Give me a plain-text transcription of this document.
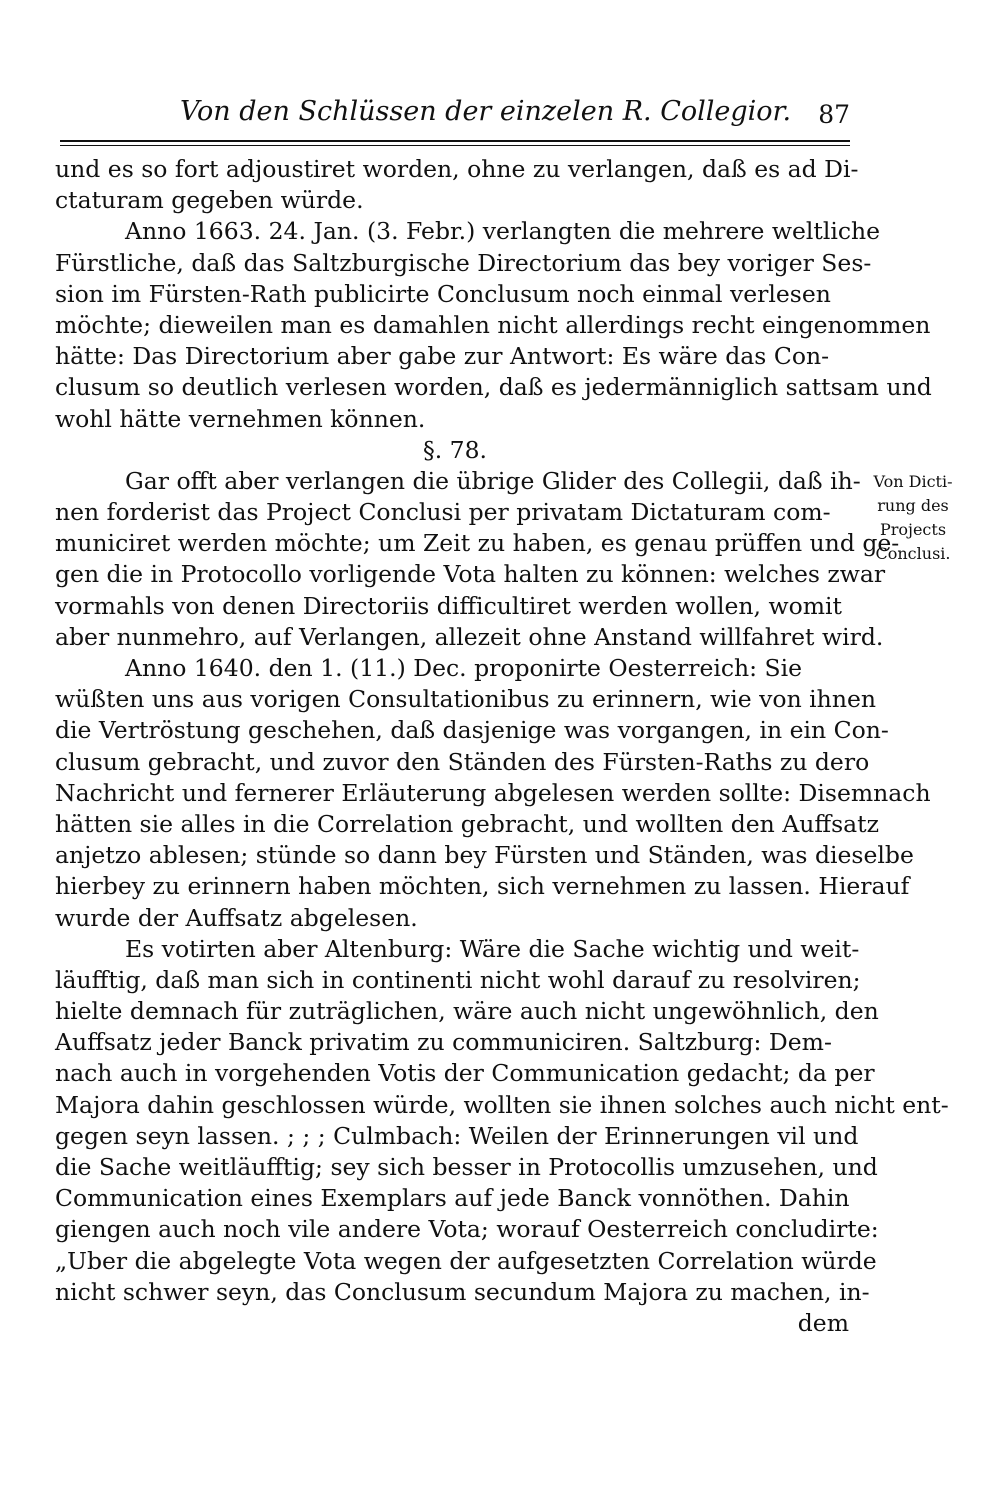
Von den Schlüssen der einzelen R. Collegior. 87
und es so fort adjoustiret worden, ohne zu verlangen, daß es ad Di-
ctaturam gegeben würde.
Anno 1663. 24. Jan. (3. Febr.) verlangten die mehrere weltliche
Fürstliche, daß das Saltzburgische Directorium das bey voriger Ses-
sion im Fürsten-Rath publicirte Conclusum noch einmal verlesen
möchte; dieweilen man es damahlen nicht allerdings recht eingenommen
hätte: Das Directorium aber gabe zur Antwort: Es wäre das Con-
clusum so deutlich verlesen worden, daß es jedermänniglich sattsam und
wohl hätte vernehmen können.
§. 78.
Gar offt aber verlangen die übrige Glider des Collegii, daß ih-
nen forderist das Project Conclusi per privatam Dictaturam com-
municiret werden möchte; um Zeit zu haben, es genau prüffen und ge-
gen die in Protocollo vorligende Vota halten zu können: welches zwar
vormahls von denen Directoriis difficultiret werden wollen, womit
aber nunmehro, auf Verlangen, allezeit ohne Anstand willfahret wird.
Anno 1640. den 1. (11.) Dec. proponirte Oesterreich: Sie
wüßten uns aus vorigen Consultationibus zu erinnern, wie von ihnen
die Vertröstung geschehen, daß dasjenige was vorgangen, in ein Con-
clusum gebracht, und zuvor den Ständen des Fürsten-Raths zu dero
Nachricht und fernerer Erläuterung abgelesen werden sollte: Disemnach
hätten sie alles in die Correlation gebracht, und wollten den Auffsatz
anjetzo ablesen; stünde so dann bey Fürsten und Ständen, was dieselbe
hierbey zu erinnern haben möchten, sich vernehmen zu lassen. Hierauf
wurde der Auffsatz abgelesen.
Es votirten aber Altenburg: Wäre die Sache wichtig und weit-
läufftig, daß man sich in continenti nicht wohl darauf zu resolviren;
hielte demnach für zuträglichen, wäre auch nicht ungewöhnlich, den
Auffsatz jeder Banck privatim zu communiciren. Saltzburg: Dem-
nach auch in vorgehenden Votis der Communication gedacht; da per
Majora dahin geschlossen würde, wollten sie ihnen solches auch nicht ent-
gegen seyn lassen. ; ; ; Culmbach: Weilen der Erinnerungen vil und
die Sache weitläufftig; sey sich besser in Protocollis umzusehen, und
Communication eines Exemplars auf jede Banck vonnöthen. Dahin
giengen auch noch vile andere Vota; worauf Oesterreich concludirte:
„Uber die abgelegte Vota wegen der aufgesetzten Correlation würde
nicht schwer seyn, das Conclusum secundum Majora zu machen, in-
dem
Von Dicti-
rung des
Projects
Conclusi.
